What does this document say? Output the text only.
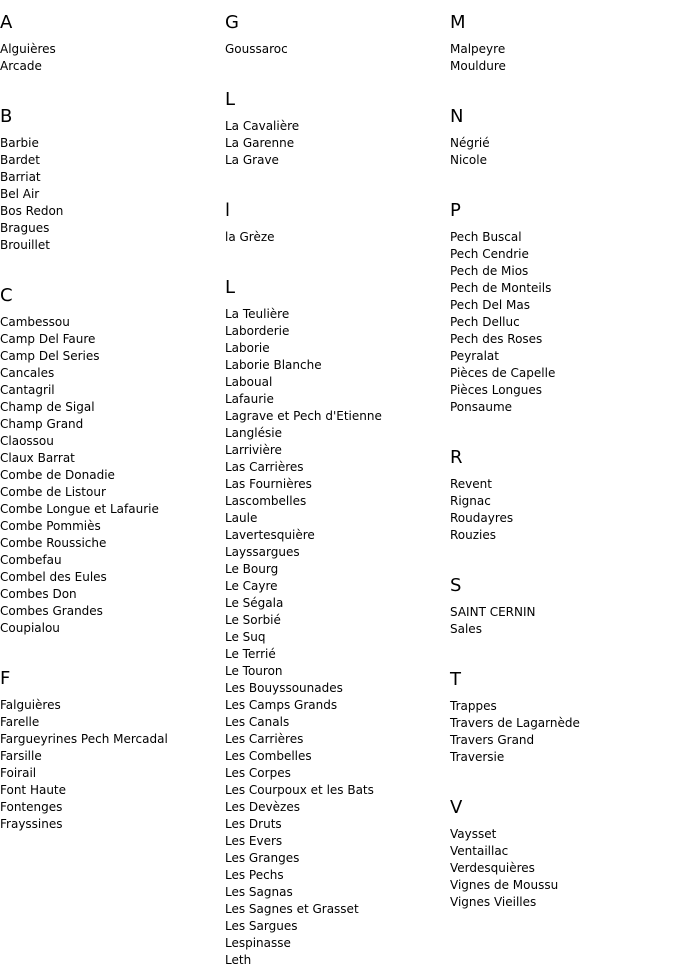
A
Alguières
Arcade
B
Barbie
Bardet
Barriat
Bel Air
Bos Redon
Bragues
Brouillet
C
Cambessou
Camp Del Faure
Camp Del Series
Cancales
Cantagril
Champ de Sigal
Champ Grand
Claossou
Claux Barrat
Combe de Donadie
Combe de Listour
Combe Longue et Lafaurie
Combe Pommiès
Combe Roussiche
Combefau
Combel des Eules
Combes Don
Combes Grandes
Coupialou
F
Falguières
Farelle
Fargueyrines Pech Mercadal
Farsille
Foirail
Font Haute
Fontenges
Frayssines
G
Goussaroc
L
La Cavalière
La Garenne
La Grave
l
la Grèze
L
La Teulière
Laborderie
Laborie
Laborie Blanche
Laboual
Lafaurie
Lagrave et Pech d'Etienne
Langlésie
Larrivière
Las Carrières
Las Fournières
Lascombelles
Laule
Lavertesquière
Layssargues
Le Bourg
Le Cayre
Le Ségala
Le Sorbié
Le Suq
Le Terrié
Le Touron
Les Bouyssounades
Les Camps Grands
Les Canals
Les Carrières
Les Combelles
Les Corpes
Les Courpoux et les Bats
Les Devèzes
Les Druts
Les Evers
Les Granges
Les Pechs
Les Sagnas
Les Sagnes et Grasset
Les Sargues
Lespinasse
Leth
M
Malpeyre
Mouldure
N
Négrié
Nicole
P
Pech Buscal
Pech Cendrie
Pech de Mios
Pech de Monteils
Pech Del Mas
Pech Delluc
Pech des Roses
Peyralat
Pièces de Capelle
Pièces Longues
Ponsaume
R
Revent
Rignac
Roudayres
Rouzies
S
SAINT CERNIN
Sales
T
Trappes
Travers de Lagarnède
Travers Grand
Traversie
V
Vaysset
Ventaillac
Verdesquières
Vignes de Moussu
Vignes Vieilles
